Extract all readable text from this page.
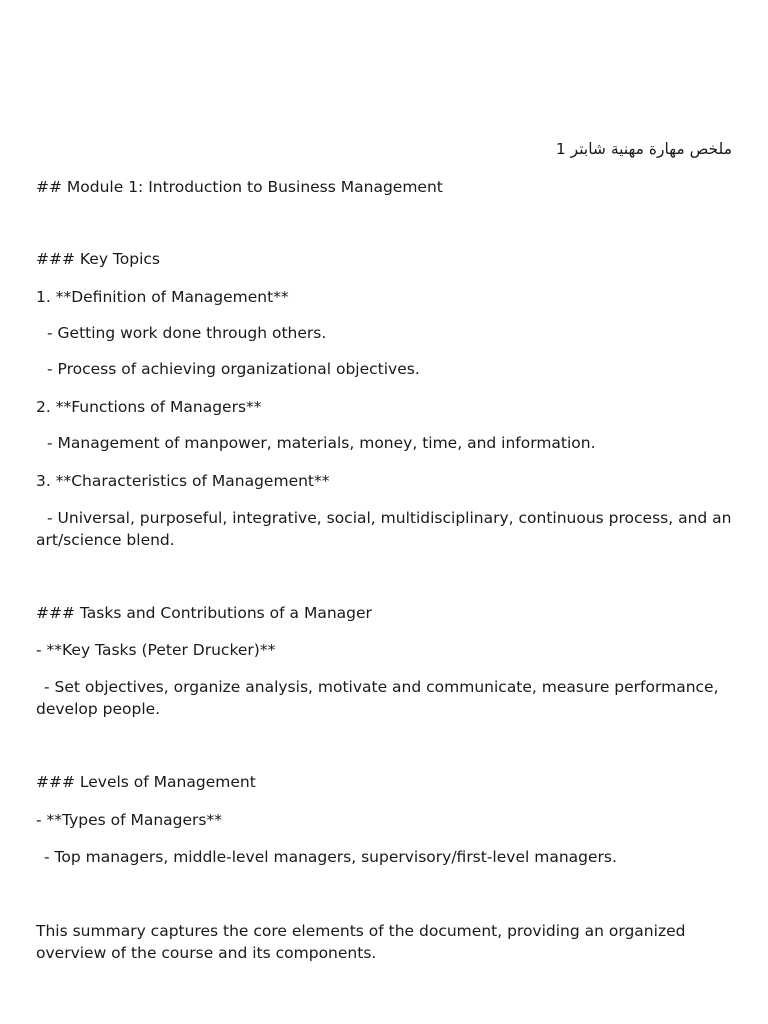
ملخص مهارة مهنية شابتر 1
## Module 1: Introduction to Business Management
### Key Topics
1. **Definition of Management**
- Getting work done through others.
- Process of achieving organizational objectives.
2. **Functions of Managers**
- Management of manpower, materials, money, time, and information.
3. **Characteristics of Management**
- Universal, purposeful, integrative, social, multidisciplinary, continuous process, and an art/science blend.
### Tasks and Contributions of a Manager
- **Key Tasks (Peter Drucker)**
- Set objectives, organize analysis, motivate and communicate, measure performance, develop people.
### Levels of Management
- **Types of Managers**
- Top managers, middle-level managers, supervisory/first-level managers.
This summary captures the core elements of the document, providing an organized overview of the course and its components.
